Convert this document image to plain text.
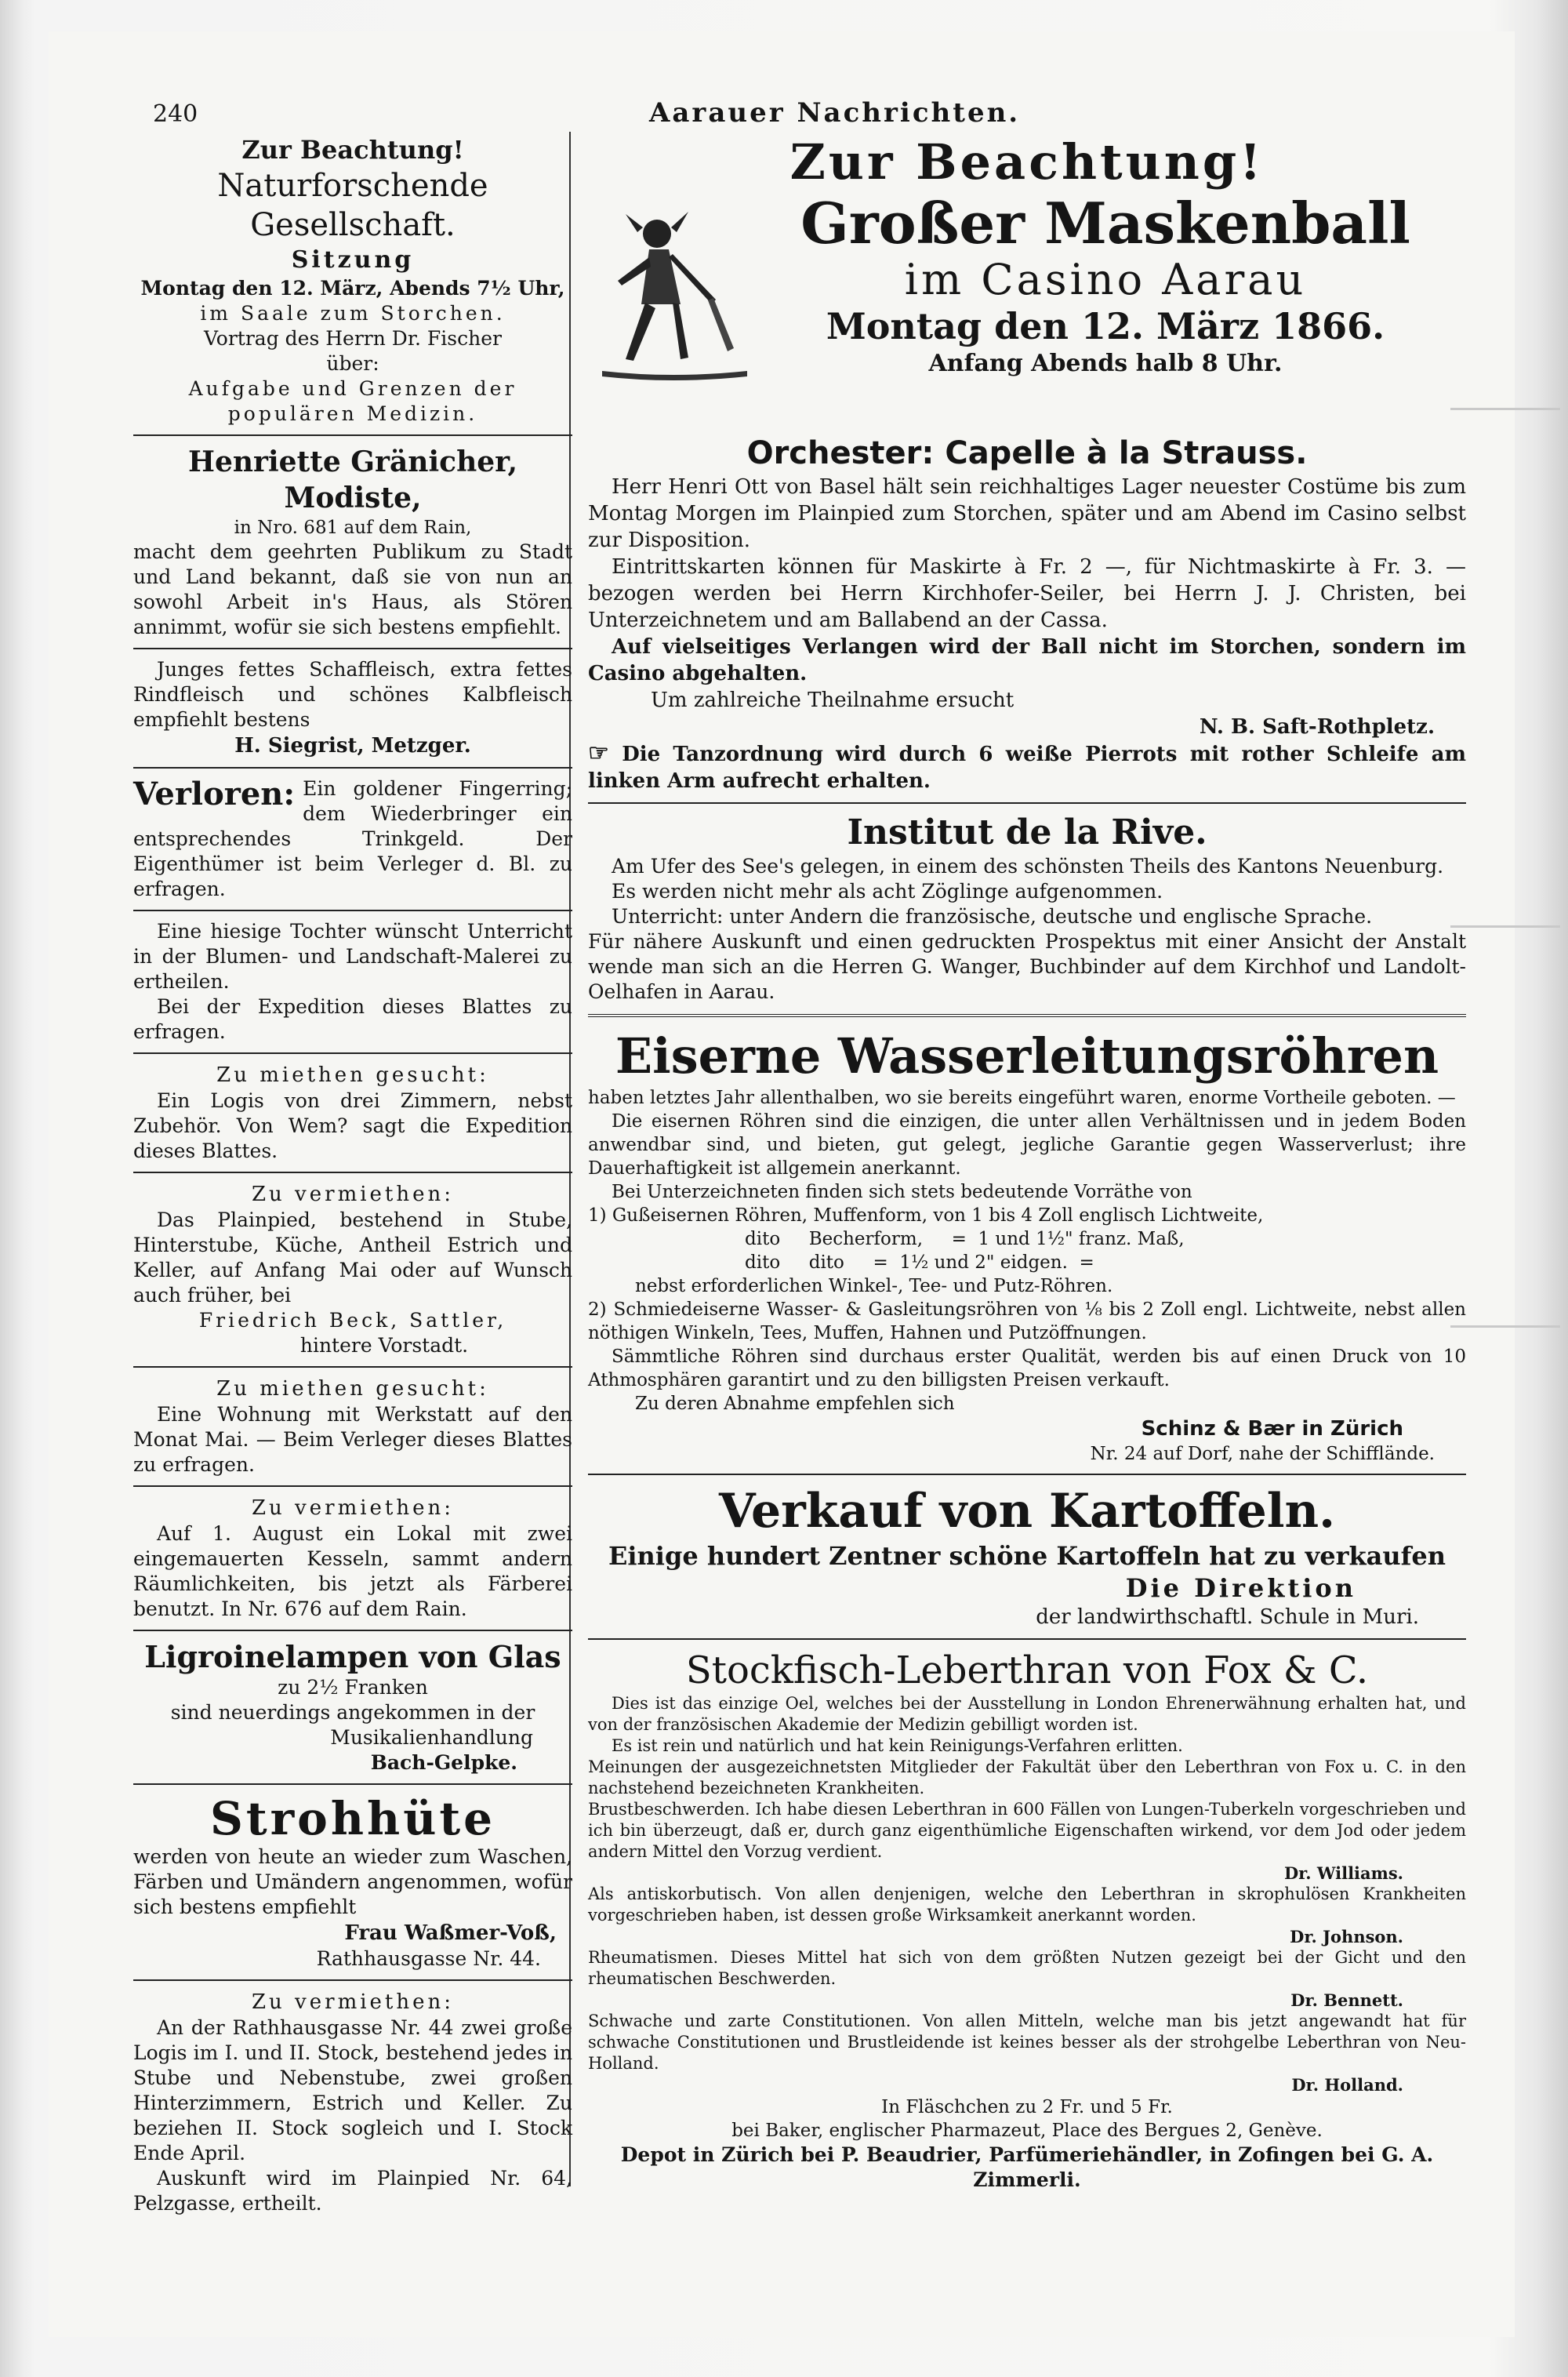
240	Aarauer Nachrichten.
Zur Beachtung!
Naturforschende Gesellschaft.
Sitzung
Montag den 12. März, Abends 7½ Uhr,
im Saale zum Storchen.
Vortrag des Herrn Dr. Fischer
über:
Aufgabe und Grenzen der populären Medizin.
Henriette Gränicher, Modiste,
in Nro. 681 auf dem Rain,
macht dem geehrten Publikum zu Stadt und Land bekannt, daß sie von nun an sowohl Arbeit in's Haus, als Stören annimmt, wofür sie sich bestens empfiehlt.
Junges fettes Schaffleisch, extra fettes Rindfleisch und schönes Kalbfleisch empfiehlt bestens
H. Siegrist, Metzger.
Verloren: Ein goldener Fingerring; dem Wiederbringer ein entsprechendes Trinkgeld. Der Eigenthümer ist beim Verleger d. Bl. zu erfragen.
Eine hiesige Tochter wünscht Unterricht in der Blumen- und Landschaft-Malerei zu ertheilen.
Bei der Expedition dieses Blattes zu erfragen.
Zu miethen gesucht:
Ein Logis von drei Zimmern, nebst Zubehör. Von Wem? sagt die Expedition dieses Blattes.
Zu vermiethen:
Das Plainpied, bestehend in Stube, Hinterstube, Küche, Antheil Estrich und Keller, auf Anfang Mai oder auf Wunsch auch früher, bei
Friedrich Beck, Sattler,
hintere Vorstadt.
Zu miethen gesucht:
Eine Wohnung mit Werkstatt auf den Monat Mai. — Beim Verleger dieses Blattes zu erfragen.
Zu vermiethen:
Auf 1. August ein Lokal mit zwei eingemauerten Kesseln, sammt andern Räumlichkeiten, bis jetzt als Färberei benutzt. In Nr. 676 auf dem Rain.
Ligroinelampen von Glas
zu 2½ Franken
sind neuerdings angekommen in der
Musikalienhandlung
Bach-Gelpke.
Strohhüte
werden von heute an wieder zum Waschen, Färben und Umändern angenommen, wofür sich bestens empfiehlt
Frau Waßmer-Voß,
Rathhausgasse Nr. 44.
Zu vermiethen:
An der Rathhausgasse Nr. 44 zwei große Logis im I. und II. Stock, bestehend jedes in Stube und Nebenstube, zwei großen Hinterzimmern, Estrich und Keller. Zu beziehen II. Stock sogleich und I. Stock Ende April.
Auskunft wird im Plainpied Nr. 64, Pelzgasse, ertheilt.
Zur Beachtung!
Großer Maskenball
im Casino Aarau
Montag den 12. März 1866.
Anfang Abends halb 8 Uhr.
Orchester: Capelle à la Strauss.
Herr Henri Ott von Basel hält sein reichhaltiges Lager neuester Costüme bis zum Montag Morgen im Plainpied zum Storchen, später und am Abend im Casino selbst zur Disposition.
Eintrittskarten können für Maskirte à Fr. 2 —, für Nichtmaskirte à Fr. 3. — bezogen werden bei Herrn Kirchhofer-Seiler, bei Herrn J. J. Christen, bei Unterzeichnetem und am Ballabend an der Cassa.
Auf vielseitiges Verlangen wird der Ball nicht im Storchen, sondern im Casino abgehalten.
Um zahlreiche Theilnahme ersucht
N. B. Saft-Rothpletz.
☞ Die Tanzordnung wird durch 6 weiße Pierrots mit rother Schleife am linken Arm aufrecht erhalten.
Institut de la Rive.
Am Ufer des See's gelegen, in einem des schönsten Theils des Kantons Neuenburg.
Es werden nicht mehr als acht Zöglinge aufgenommen.
Unterricht: unter Andern die französische, deutsche und englische Sprache.
Für nähere Auskunft und einen gedruckten Prospektus mit einer Ansicht der Anstalt wende man sich an die Herren G. Wanger, Buchbinder auf dem Kirchhof und Landolt-Oelhafen in Aarau.
Eiserne Wasserleitungsröhren
haben letztes Jahr allenthalben, wo sie bereits eingeführt waren, enorme Vortheile geboten. —
Die eisernen Röhren sind die einzigen, die unter allen Verhältnissen und in jedem Boden anwendbar sind, und bieten, gut gelegt, jegliche Garantie gegen Wasserverlust; ihre Dauerhaftigkeit ist allgemein anerkannt.
Bei Unterzeichneten finden sich stets bedeutende Vorräthe von
1) Gußeisernen Röhren, Muffenform, von 1 bis 4 Zoll englisch Lichtweite,
dito     Becherform,     =  1 und 1½" franz. Maß,
dito     dito     =  1½ und 2" eidgen.  =
nebst erforderlichen Winkel-, Tee- und Putz-Röhren.
2) Schmiedeiserne Wasser- & Gasleitungsröhren von ⅛ bis 2 Zoll engl. Lichtweite, nebst allen nöthigen Winkeln, Tees, Muffen, Hahnen und Putzöffnungen.
Sämmtliche Röhren sind durchaus erster Qualität, werden bis auf einen Druck von 10 Athmosphären garantirt und zu den billigsten Preisen verkauft.
Zu deren Abnahme empfehlen sich
Schinz & Bær in Zürich
Nr. 24 auf Dorf, nahe der Schifflände.
Verkauf von Kartoffeln.
Einige hundert Zentner schöne Kartoffeln hat zu verkaufen
Die Direktion
der landwirthschaftl. Schule in Muri.
Stockfisch-Leberthran von Fox & C.
Dies ist das einzige Oel, welches bei der Ausstellung in London Ehrenerwähnung erhalten hat, und von der französischen Akademie der Medizin gebilligt worden ist.
Es ist rein und natürlich und hat kein Reinigungs-Verfahren erlitten.
Meinungen der ausgezeichnetsten Mitglieder der Fakultät über den Leberthran von Fox u. C. in den nachstehend bezeichneten Krankheiten.
Brustbeschwerden. Ich habe diesen Leberthran in 600 Fällen von Lungen-Tuberkeln vorgeschrieben und ich bin überzeugt, daß er, durch ganz eigenthümliche Eigenschaften wirkend, vor dem Jod oder jedem andern Mittel den Vorzug verdient.
Dr. Williams.
Als antiskorbutisch. Von allen denjenigen, welche den Leberthran in skrophulösen Krankheiten vorgeschrieben haben, ist dessen große Wirksamkeit anerkannt worden.
Dr. Johnson.
Rheumatismen. Dieses Mittel hat sich von dem größten Nutzen gezeigt bei der Gicht und den rheumatischen Beschwerden.
Dr. Bennett.
Schwache und zarte Constitutionen. Von allen Mitteln, welche man bis jetzt angewandt hat für schwache Constitutionen und Brustleidende ist keines besser als der strohgelbe Leberthran von Neu-Holland.
Dr. Holland.
In Fläschchen zu 2 Fr. und 5 Fr.
bei Baker, englischer Pharmazeut, Place des Bergues 2, Genève.
Depot in Zürich bei P. Beaudrier, Parfümeriehändler, in Zofingen bei G. A. Zimmerli.
